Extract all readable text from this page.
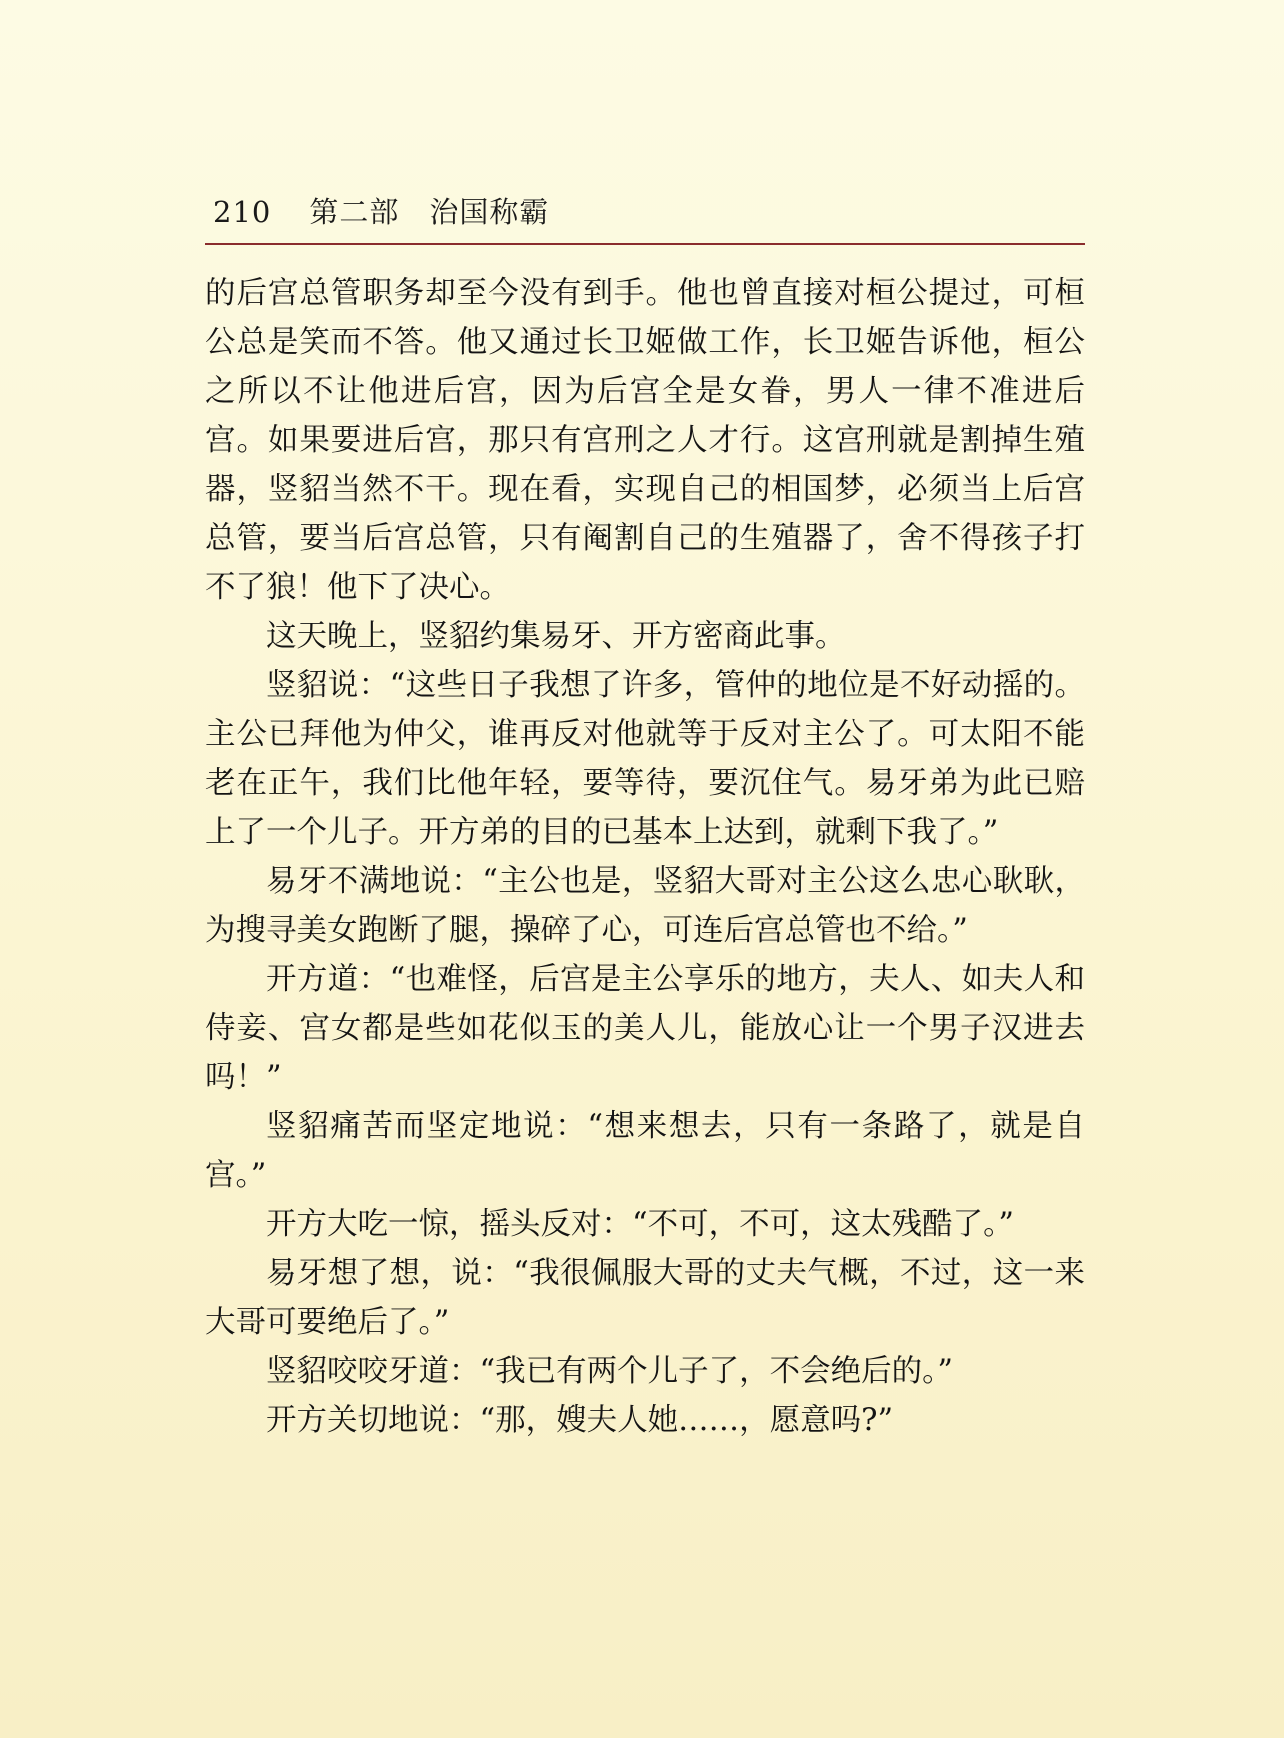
210 第二部 治国称霸

的后宫总管职务却至今没有到手。他也曾直接对桓公提过，可桓公总是笑而不答。他又通过长卫姬做工作，长卫姬告诉他，桓公之所以不让他进后宫，因为后宫全是女眷，男人一律不准进后宫。如果要进后宫，那只有宫刑之人才行。这宫刑就是割掉生殖器，竖貂当然不干。现在看，实现自己的相国梦，必须当上后宫总管，要当后宫总管，只有阉割自己的生殖器了，舍不得孩子打不了狼！他下了决心。

这天晚上，竖貂约集易牙、开方密商此事。

竖貂说：“这些日子我想了许多，管仲的地位是不好动摇的。主公已拜他为仲父，谁再反对他就等于反对主公了。可太阳不能老在正午，我们比他年轻，要等待，要沉住气。易牙弟为此已赔上了一个儿子。开方弟的目的已基本上达到，就剩下我了。”

易牙不满地说：“主公也是，竖貂大哥对主公这么忠心耿耿，为搜寻美女跑断了腿，操碎了心，可连后宫总管也不给。”

开方道：“也难怪，后宫是主公享乐的地方，夫人、如夫人和侍妾、宫女都是些如花似玉的美人儿，能放心让一个男子汉进去吗！”

竖貂痛苦而坚定地说：“想来想去，只有一条路了，就是自宫。”

开方大吃一惊，摇头反对：“不可，不可，这太残酷了。”

易牙想了想，说：“我很佩服大哥的丈夫气概，不过，这一来大哥可要绝后了。”

竖貂咬咬牙道：“我已有两个儿子了，不会绝后的。”

开方关切地说：“那，嫂夫人她……，愿意吗?”
